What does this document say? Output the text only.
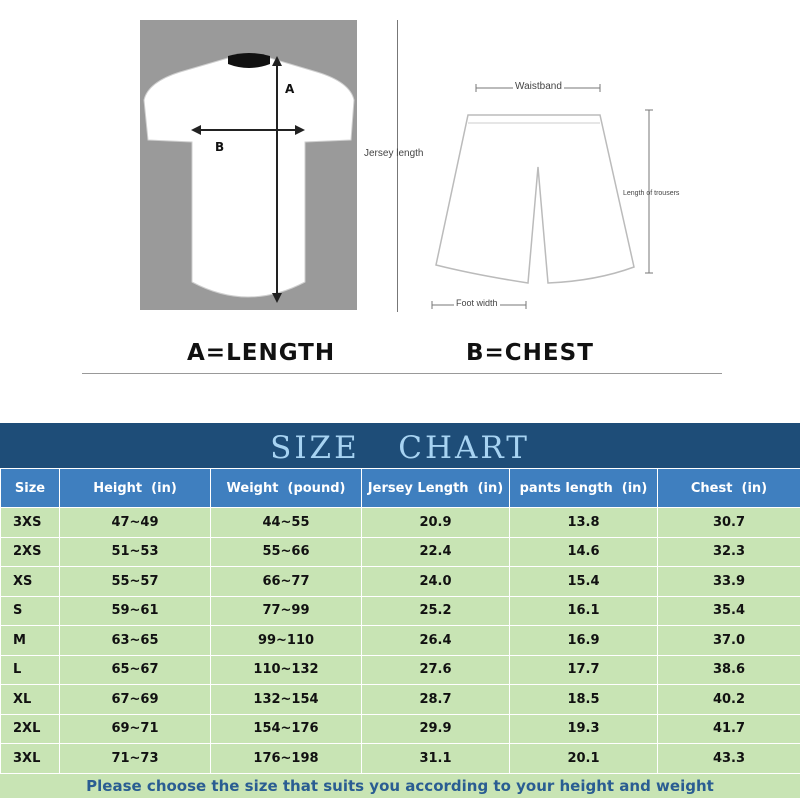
A
B	Jersey length
Waistband
Length of trousers
Foot width
A=LENGTH	B=CHEST
SIZE   CHART
Size	Height  (in)	Weight  (pound)	Jersey Length  (in)	pants length  (in)	Chest  (in)
3XS	47~49	44~55	20.9	13.8	30.7
2XS	51~53	55~66	22.4	14.6	32.3
XS	55~57	66~77	24.0	15.4	33.9
S	59~61	77~99	25.2	16.1	35.4
M	63~65	99~110	26.4	16.9	37.0
L	65~67	110~132	27.6	17.7	38.6
XL	67~69	132~154	28.7	18.5	40.2
2XL	69~71	154~176	29.9	19.3	41.7
3XL	71~73	176~198	31.1	20.1	43.3
Please choose the size that suits you according to your height and weight
